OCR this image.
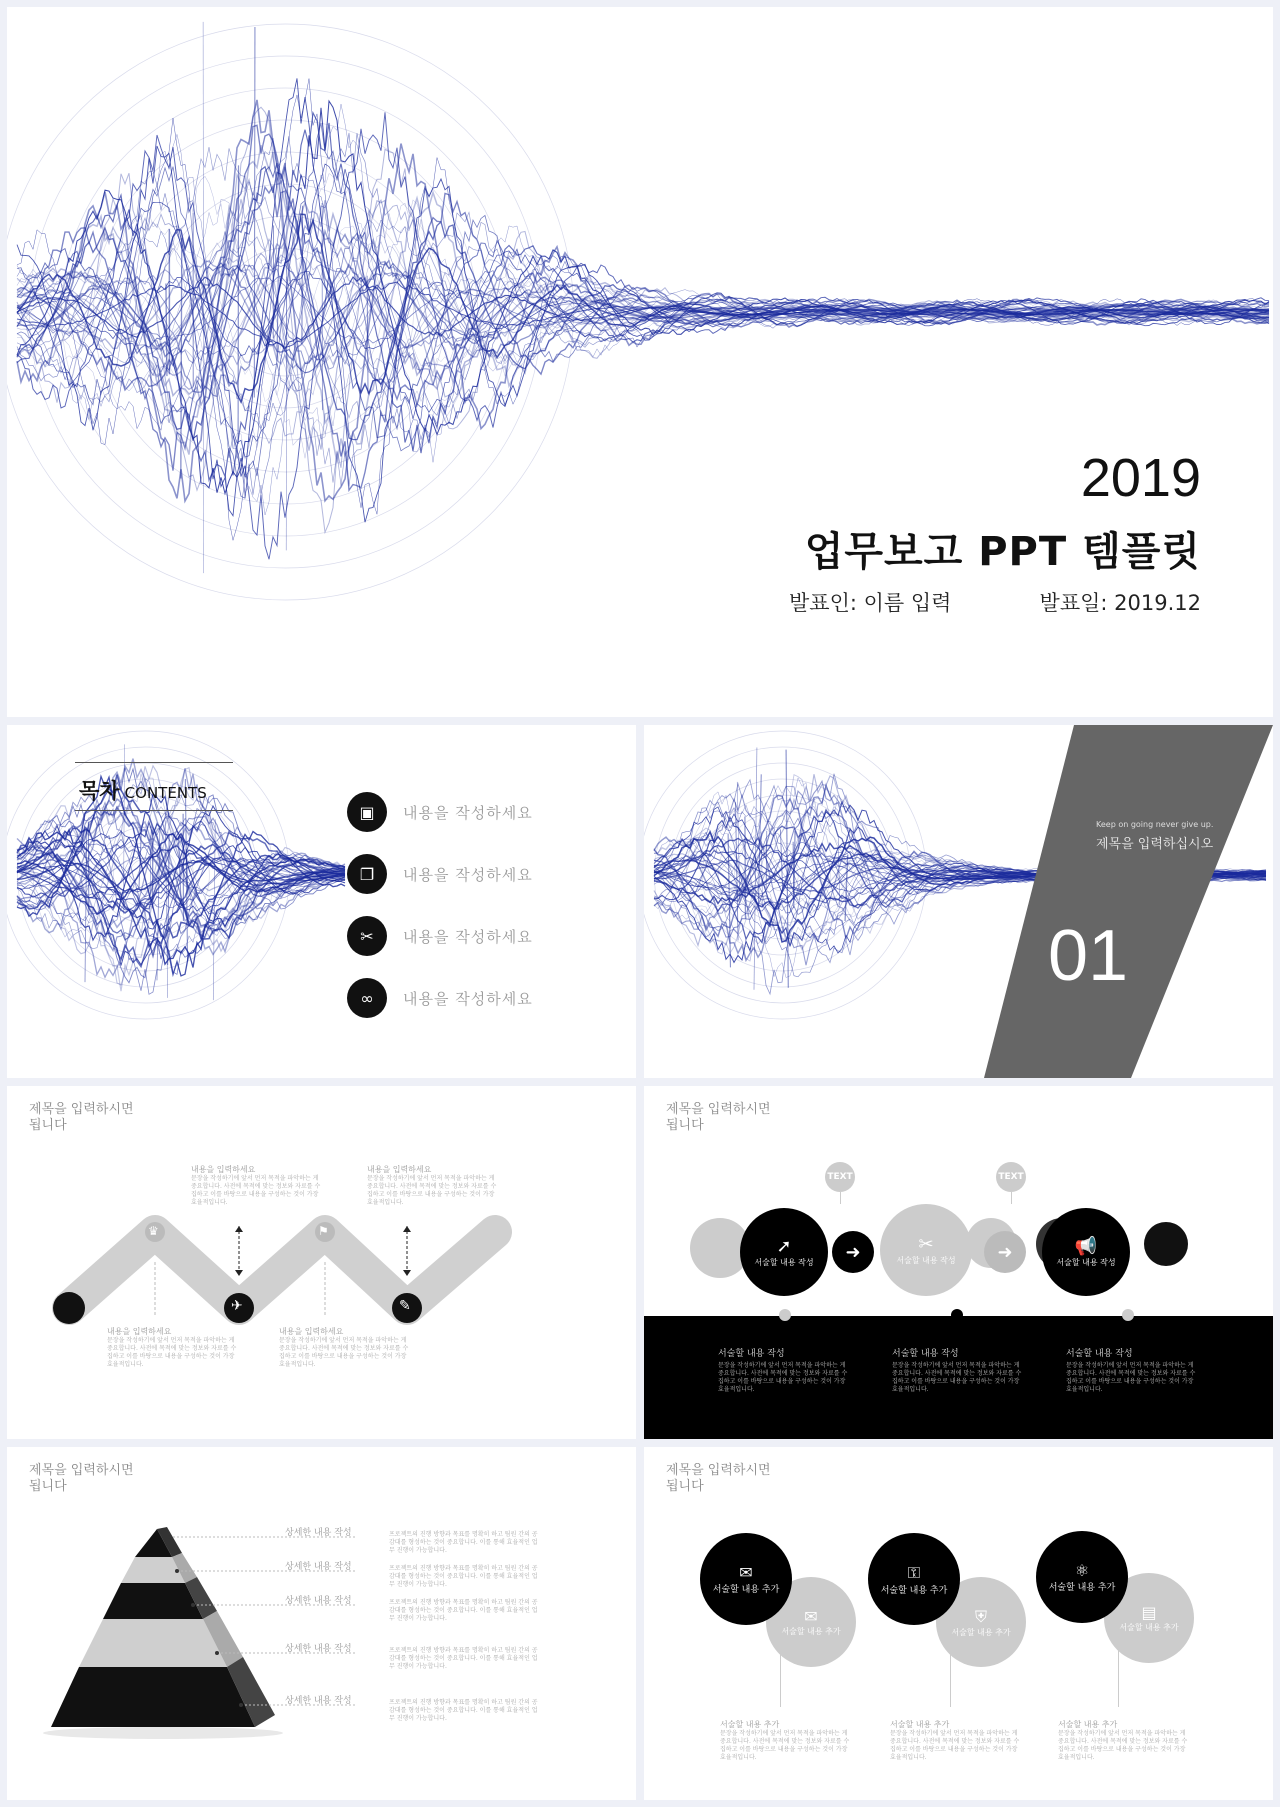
2019
업무보고 PPT 템플릿
발표인: 이름 입력	발표일: 2019.12
목차 CONTENTS
▣	내용을 작성하세요
❐	내용을 작성하세요
✂	내용을 작성하세요
∞	내용을 작성하세요
Keep on going never give up.
제목을 입력하십시오
01
제목을 입력하시면
됩니다
✈	✎
♛	⚑
내용을 입력하세요
문장을 작성하기에 앞서 먼저 목적을 파악하는 게 중요합니다. 사전에 목적에 맞는 정보와 자료를 수집하고 이를 바탕으로 내용을 구성하는 것이 가장 효율적입니다.
내용을 입력하세요
문장을 작성하기에 앞서 먼저 목적을 파악하는 게 중요합니다. 사전에 목적에 맞는 정보와 자료를 수집하고 이를 바탕으로 내용을 구성하는 것이 가장 효율적입니다.
내용을 입력하세요
문장을 작성하기에 앞서 먼저 목적을 파악하는 게 중요합니다. 사전에 목적에 맞는 정보와 자료를 수집하고 이를 바탕으로 내용을 구성하는 것이 가장 효율적입니다.
내용을 입력하세요
문장을 작성하기에 앞서 먼저 목적을 파악하는 게 중요합니다. 사전에 목적에 맞는 정보와 자료를 수집하고 이를 바탕으로 내용을 구성하는 것이 가장 효율적입니다.
제목을 입력하시면
됩니다
TEXT	TEXT
➚
서술할 내용 작성 ➜	✂
서술할 내용 작성 ➜	📢
서술할 내용 작성
서술할 내용 작성
문장을 작성하기에 앞서 먼저 목적을 파악하는 게 중요합니다. 사전에 목적에 맞는 정보와 자료를 수집하고 이를 바탕으로 내용을 구성하는 것이 가장 효율적입니다.
서술할 내용 작성
문장을 작성하기에 앞서 먼저 목적을 파악하는 게 중요합니다. 사전에 목적에 맞는 정보와 자료를 수집하고 이를 바탕으로 내용을 구성하는 것이 가장 효율적입니다.
서술할 내용 작성
문장을 작성하기에 앞서 먼저 목적을 파악하는 게 중요합니다. 사전에 목적에 맞는 정보와 자료를 수집하고 이를 바탕으로 내용을 구성하는 것이 가장 효율적입니다.
제목을 입력하시면
됩니다
상세한 내용 작성
상세한 내용 작성
상세한 내용 작성
상세한 내용 작성
상세한 내용 작성
프로젝트의 진행 방향과 목표를 명확히 하고 팀원 간의 공감대를 형성하는 것이 중요합니다. 이를 통해 효율적인 업무 진행이 가능합니다.
프로젝트의 진행 방향과 목표를 명확히 하고 팀원 간의 공감대를 형성하는 것이 중요합니다. 이를 통해 효율적인 업무 진행이 가능합니다.
프로젝트의 진행 방향과 목표를 명확히 하고 팀원 간의 공감대를 형성하는 것이 중요합니다. 이를 통해 효율적인 업무 진행이 가능합니다.
프로젝트의 진행 방향과 목표를 명확히 하고 팀원 간의 공감대를 형성하는 것이 중요합니다. 이를 통해 효율적인 업무 진행이 가능합니다.
프로젝트의 진행 방향과 목표를 명확히 하고 팀원 간의 공감대를 형성하는 것이 중요합니다. 이를 통해 효율적인 업무 진행이 가능합니다.
제목을 입력하시면
됩니다
✉
서술할 내용 추가
⛨
서술할 내용 추가
▤
서술할 내용 추가
✉
서술할 내용 추가
⚿
서술할 내용 추가
⚛
서술할 내용 추가
서술할 내용 추가
문장을 작성하기에 앞서 먼저 목적을 파악하는 게 중요합니다. 사전에 목적에 맞는 정보와 자료를 수집하고 이를 바탕으로 내용을 구성하는 것이 가장 효율적입니다.
서술할 내용 추가
문장을 작성하기에 앞서 먼저 목적을 파악하는 게 중요합니다. 사전에 목적에 맞는 정보와 자료를 수집하고 이를 바탕으로 내용을 구성하는 것이 가장 효율적입니다.
서술할 내용 추가
문장을 작성하기에 앞서 먼저 목적을 파악하는 게 중요합니다. 사전에 목적에 맞는 정보와 자료를 수집하고 이를 바탕으로 내용을 구성하는 것이 가장 효율적입니다.
